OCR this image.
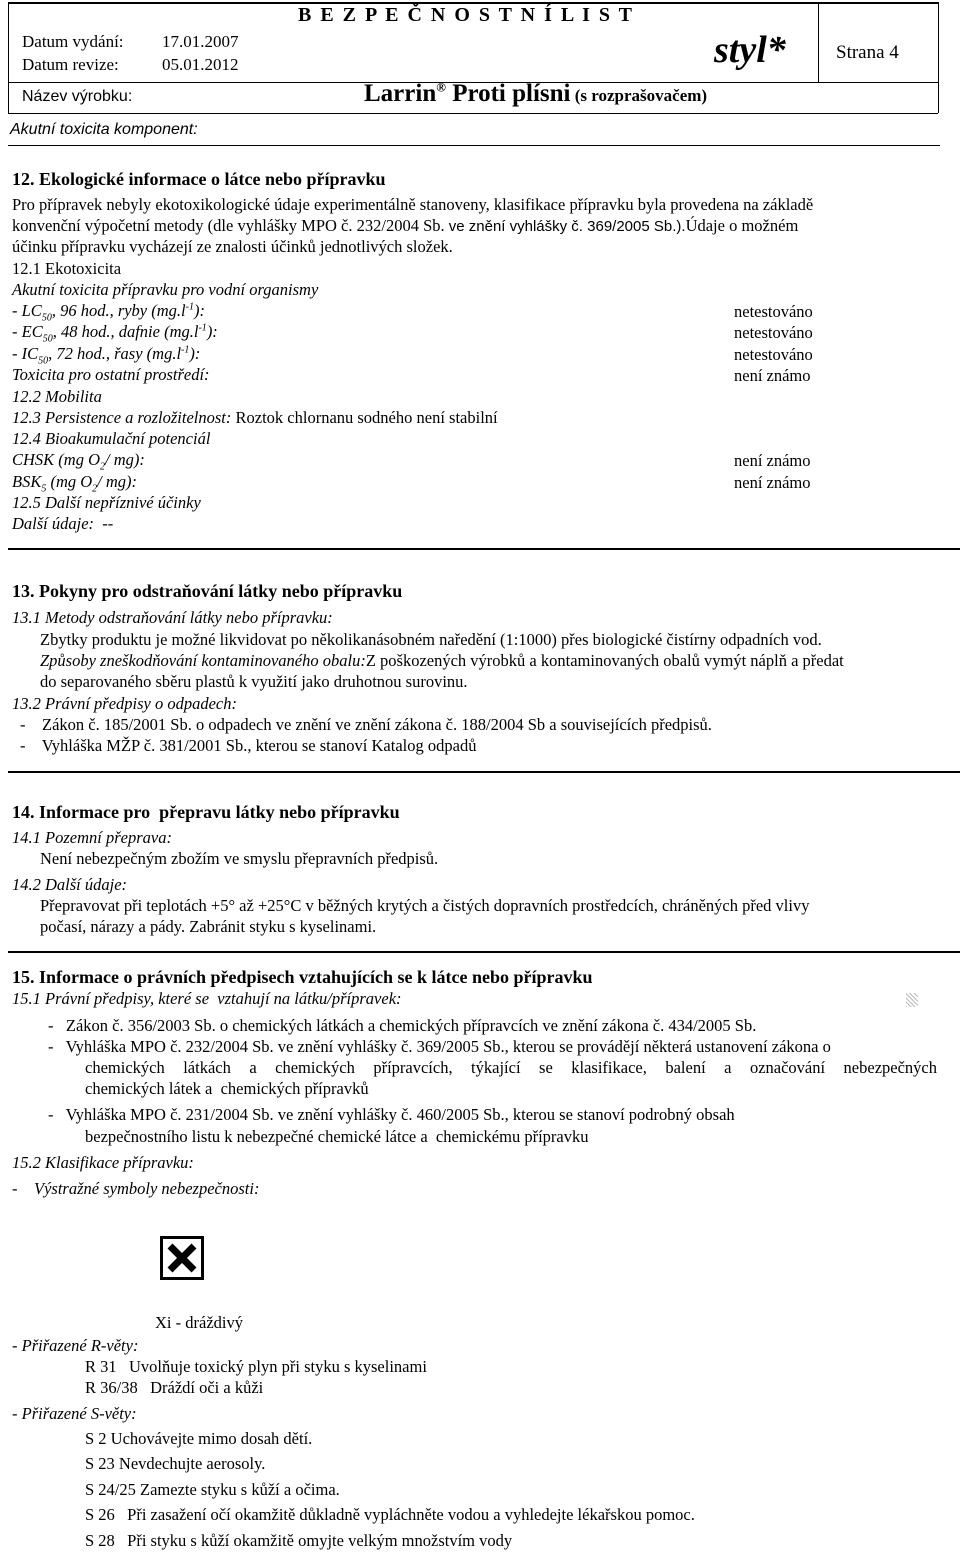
Datum vydání: 17.01.2007
Datum revize:	05.01.2012
B E Z P E Č N O S T N Í L I S T
styl*	Strana 4
Název výrobku:	Larrin® Proti plísni (s rozprašovačem)
Akutní toxicita komponent:
12. Ekologické informace o látce nebo přípravku
Pro přípravek nebyly ekotoxikologické údaje experimentálně stanoveny, klasifikace přípravku byla provedena na základě
konvenční výpočetní metody (dle vyhlášky MPO č. 232/2004 Sb. ve znění vyhlášky č. 369/2005 Sb.).Údaje o možném
účinku přípravku vycházejí ze znalosti účinků jednotlivých složek.
12.1 Ekotoxicita
Akutní toxicita přípravku pro vodní organismy
- $LC_{50}$, 96 hod., ryby $(mg.l^{-1})$:	netestováno
- $EC_{50}$, 48 hod., dafnie $(mg.l^{-1})$:	netestováno
- $IC_{50}$, 72 hod., řasy $(mg.l^{-1})$:	netestováno
Toxicita pro ostatní prostředí:	není známo
12.2 Mobilita
12.3 Persistence a rozložitelnost: Roztok chlornanu sodného není stabilní
12.4 Bioakumulační potenciál
CHSK (mg $O_2/$ mg):	není známo
$BSK_5$ (mg $O_2/$ mg):	není známo
12.5 Další nepříznivé účinky
Další údaje: --
13. Pokyny pro odstraňování látky nebo přípravku
13.1 Metody odstraňování látky nebo přípravku:
Zbytky produktu je možné likvidovat po několikanásobném naředění (1:1000) přes biologické čistírny odpadních vod.
Způsoby zneškodňování kontaminovaného obalu:Z poškozených výrobků a kontaminovaných obalů vymýt náplň a předat
do separovaného sběru plastů k využití jako druhotnou surovinu.
13.2 Právní předpisy o odpadech:
-    Zákon č. 185/2001 Sb. o odpadech ve znění ve znění zákona č. 188/2004 Sb a souvisejících předpisů.
-    Vyhláška MŽP č. 381/2001 Sb., kterou se stanoví Katalog odpadů
14. Informace pro  přepravu látky nebo přípravku
14.1 Pozemní přeprava:
Není nebezpečným zbožím ve smyslu přepravních předpisů.
14.2 Další údaje:
Přepravovat při teplotách +5° až +25°C v běžných krytých a čistých dopravních prostředcích, chráněných před vlivy
počasí, nárazy a pády. Zabránit styku s kyselinami.
15. Informace o právních předpisech vztahujících se k látce nebo přípravku
15.1 Právní předpisy, které se  vztahují na látku/přípravek:
-   Zákon č. 356/2003 Sb. o chemických látkách a chemických přípravcích ve znění zákona č. 434/2005 Sb.
-   Vyhláška MPO č. 232/2004 Sb. ve znění vyhlášky č. 369/2005 Sb., kterou se provádějí některá ustanovení zákona o
chemických látkách a chemických přípravcích, týkající se klasifikace, balení a označování nebezpečných
chemických látek a  chemických přípravků
-   Vyhláška MPO č. 231/2004 Sb. ve znění vyhlášky č. 460/2005 Sb., kterou se stanoví podrobný obsah
bezpečnostního listu k nebezpečné chemické látce a  chemickému přípravku
15.2 Klasifikace přípravku:
-    Výstražné symboly nebezpečnosti:
Xi - dráždivý
- Přiřazené R-věty:
R 31   Uvolňuje toxický plyn při styku s kyselinami
R 36/38   Dráždí oči a kůži
- Přiřazené S-věty:
S 2 Uchovávejte mimo dosah dětí.
S 23 Nevdechujte aerosoly.
S 24/25 Zamezte styku s kůží a očima.
S 26   Při zasažení očí okamžitě důkladně vypláchněte vodou a vyhledejte lékařskou pomoc.
S 28   Při styku s kůží okamžitě omyjte velkým množstvím vody
